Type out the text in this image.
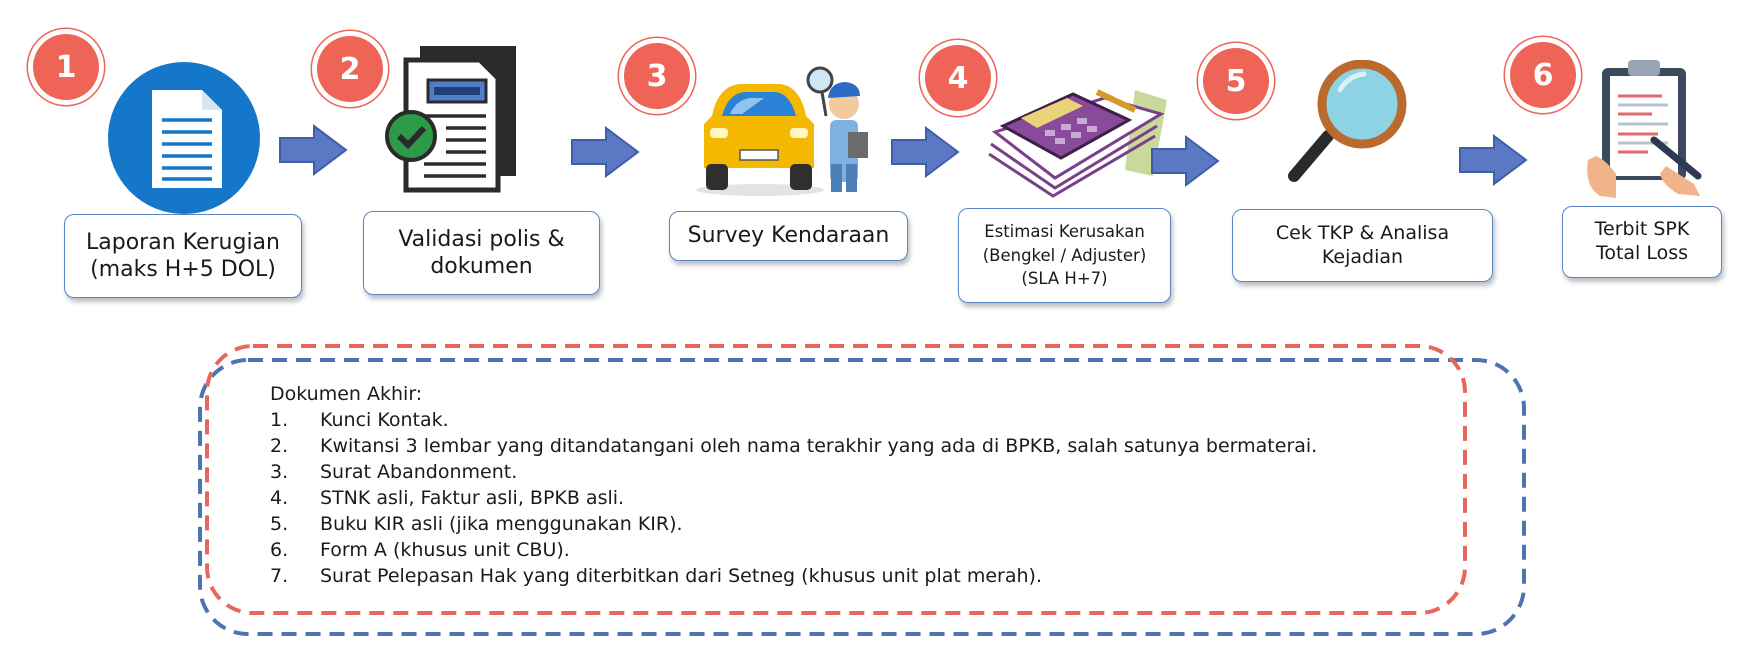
1
Laporan Kerugian
(maks H+5 DOL)
2
Validasi polis &
dokumen
3
Survey Kendaraan
4
Estimasi Kerusakan
(Bengkel / Adjuster)
(SLA H+7)
5
Cek TKP & Analisa
Kejadian
6
Terbit SPK
Total Loss
Dokumen Akhir:
1.	Kunci Kontak.
2.	Kwitansi 3 lembar yang ditandatangani oleh nama terakhir yang ada di BPKB, salah satunya bermaterai.
3.	Surat Abandonment.
4.	STNK asli, Faktur asli, BPKB asli.
5.	Buku KIR asli (jika menggunakan KIR).
6.	Form A (khusus unit CBU).
7.	Surat Pelepasan Hak yang diterbitkan dari Setneg (khusus unit plat merah).
